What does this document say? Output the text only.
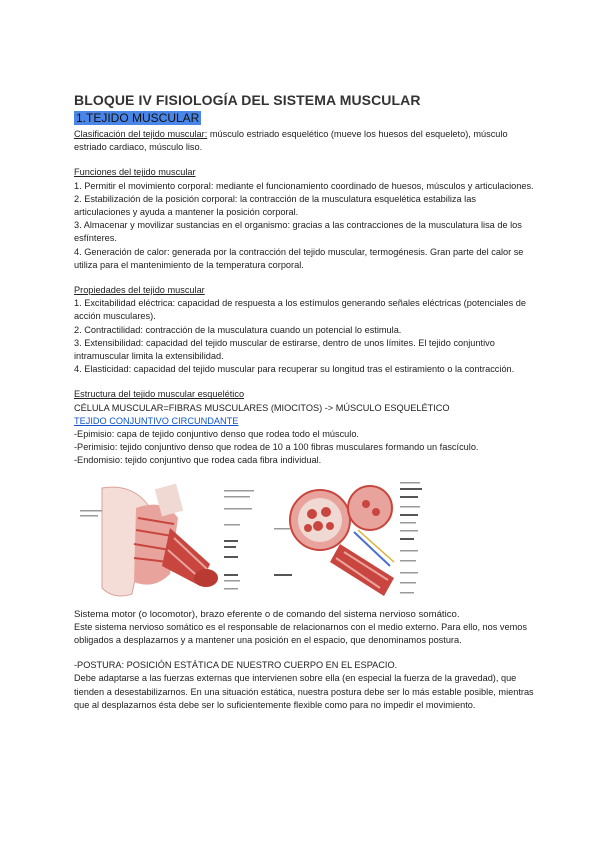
BLOQUE IV FISIOLOGÍA DEL SISTEMA MUSCULAR
1.TEJIDO MUSCULAR

Clasificación del tejido muscular: músculo estriado esquelético (mueve los huesos del esqueleto), músculo estriado cardiaco, músculo liso.

Funciones del tejido muscular

1. Permitir el movimiento corporal: mediante el funcionamiento coordinado de huesos, músculos y articulaciones.

2. Estabilización de la posición corporal: la contracción de la musculatura esquelética estabiliza las articulaciones y ayuda a mantener la posición corporal.

3. Almacenar y movilizar sustancias en el organismo: gracias a las contracciones de la musculatura lisa de los esfínteres.

4. Generación de calor: generada por la contracción del tejido muscular, termogénesis. Gran parte del calor se utiliza para el mantenimiento de la temperatura corporal.

Propiedades del tejido muscular

1. Excitabilidad eléctrica: capacidad de respuesta a los estímulos generando señales eléctricas (potenciales de acción musculares).

2. Contractilidad: contracción de la musculatura cuando un potencial lo estimula.

3. Extensibilidad: capacidad del tejido muscular de estirarse, dentro de unos límites. El tejido conjuntivo intramuscular limita la extensibilidad.

4. Elasticidad: capacidad del tejido muscular para recuperar su longitud tras el estiramiento o la contracción.

Estructura del tejido muscular esquelético

CÉLULA MUSCULAR=FIBRAS MUSCULARES (MIOCITOS) -> MÚSCULO ESQUELÉTICO

TEJIDO CONJUNTIVO CIRCUNDANTE

-Epimisio: capa de tejido conjuntivo denso que rodea todo el músculo.

-Perimisio: tejido conjuntivo denso que rodea de 10 a 100 fibras musculares formando un fascículo.

-Endomisio: tejido conjuntivo que rodea cada fibra individual.

Sistema motor (o locomotor), brazo eferente o de comando del sistema nervioso somático.

Este sistema nervioso somático es el responsable de relacionarnos con el medio externo. Para ello, nos vemos obligados a desplazarnos y a mantener una posición en el espacio, que denominamos postura.

-POSTURA: POSICIÓN ESTÁTICA DE NUESTRO CUERPO EN EL ESPACIO.

Debe adaptarse a las fuerzas externas que intervienen sobre ella (en especial la fuerza de la gravedad), que tienden a desestabilizarnos. En una situación estática, nuestra postura debe ser lo más estable posible, mientras que al desplazarnos ésta debe ser lo suficientemente flexible como para no impedir el movimiento.
